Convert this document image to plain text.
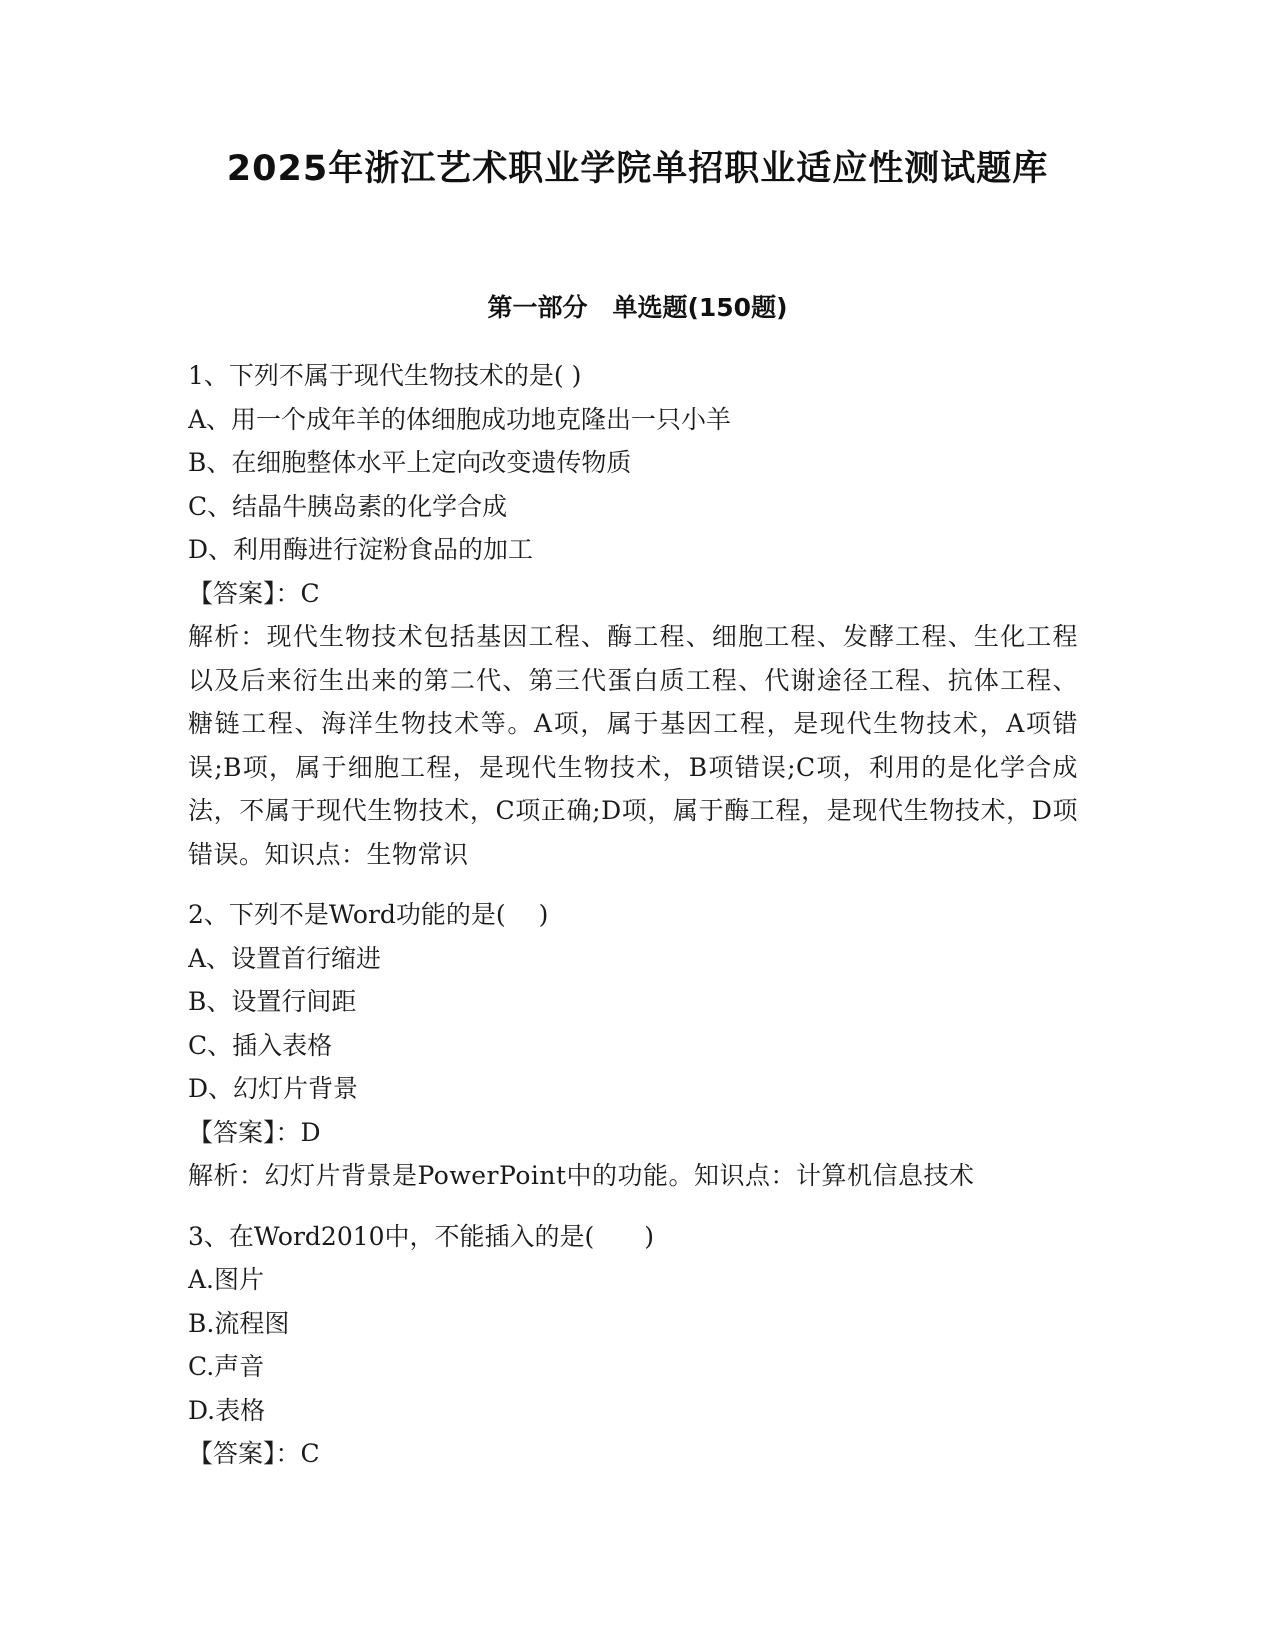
2025年浙江艺术职业学院单招职业适应性测试题库
第一部分　单选题(150题)
1、下列不属于现代生物技术的是( )
A、用一个成年羊的体细胞成功地克隆出一只小羊
B、在细胞整体水平上定向改变遗传物质
C、结晶牛胰岛素的化学合成
D、利用酶进行淀粉食品的加工
【答案】：C
解析：现代生物技术包括基因工程、酶工程、细胞工程、发酵工程、生化工程以及后来衍生出来的第二代、第三代蛋白质工程、代谢途径工程、抗体工程、糖链工程、海洋生物技术等。A项，属于基因工程，是现代生物技术，A项错误;B项，属于细胞工程，是现代生物技术，B项错误;C项，利用的是化学合成法，不属于现代生物技术，C项正确;D项，属于酶工程，是现代生物技术，D项错误。知识点：生物常识
2、下列不是Word功能的是(　 )
A、设置首行缩进
B、设置行间距
C、插入表格
D、幻灯片背景
【答案】：D
解析：幻灯片背景是PowerPoint中的功能。知识点：计算机信息技术
3、在Word2010中，不能插入的是(　　)
A.图片
B.流程图
C.声音
D.表格
【答案】：C
